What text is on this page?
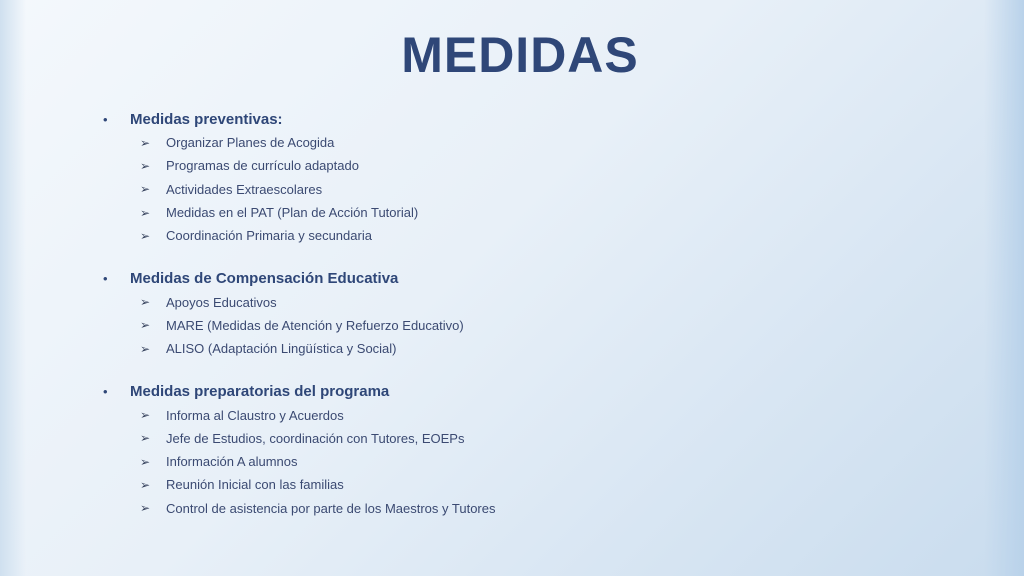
MEDIDAS
•	Medidas preventivas:
➢	Organizar Planes de Acogida
➢	Programas de currículo adaptado
➢	Actividades Extraescolares
➢	Medidas en el PAT (Plan de Acción Tutorial)
➢	Coordinación Primaria y secundaria
•	Medidas de Compensación Educativa
➢	Apoyos Educativos
➢	MARE (Medidas de Atención y Refuerzo Educativo)
➢	ALISO (Adaptación Lingüística y Social)
•	Medidas preparatorias del programa
➢	Informa al Claustro y Acuerdos
➢	Jefe de Estudios, coordinación con Tutores, EOEPs
➢	Información A alumnos
➢	Reunión Inicial con las familias
➢	Control de asistencia por parte de los Maestros y Tutores
